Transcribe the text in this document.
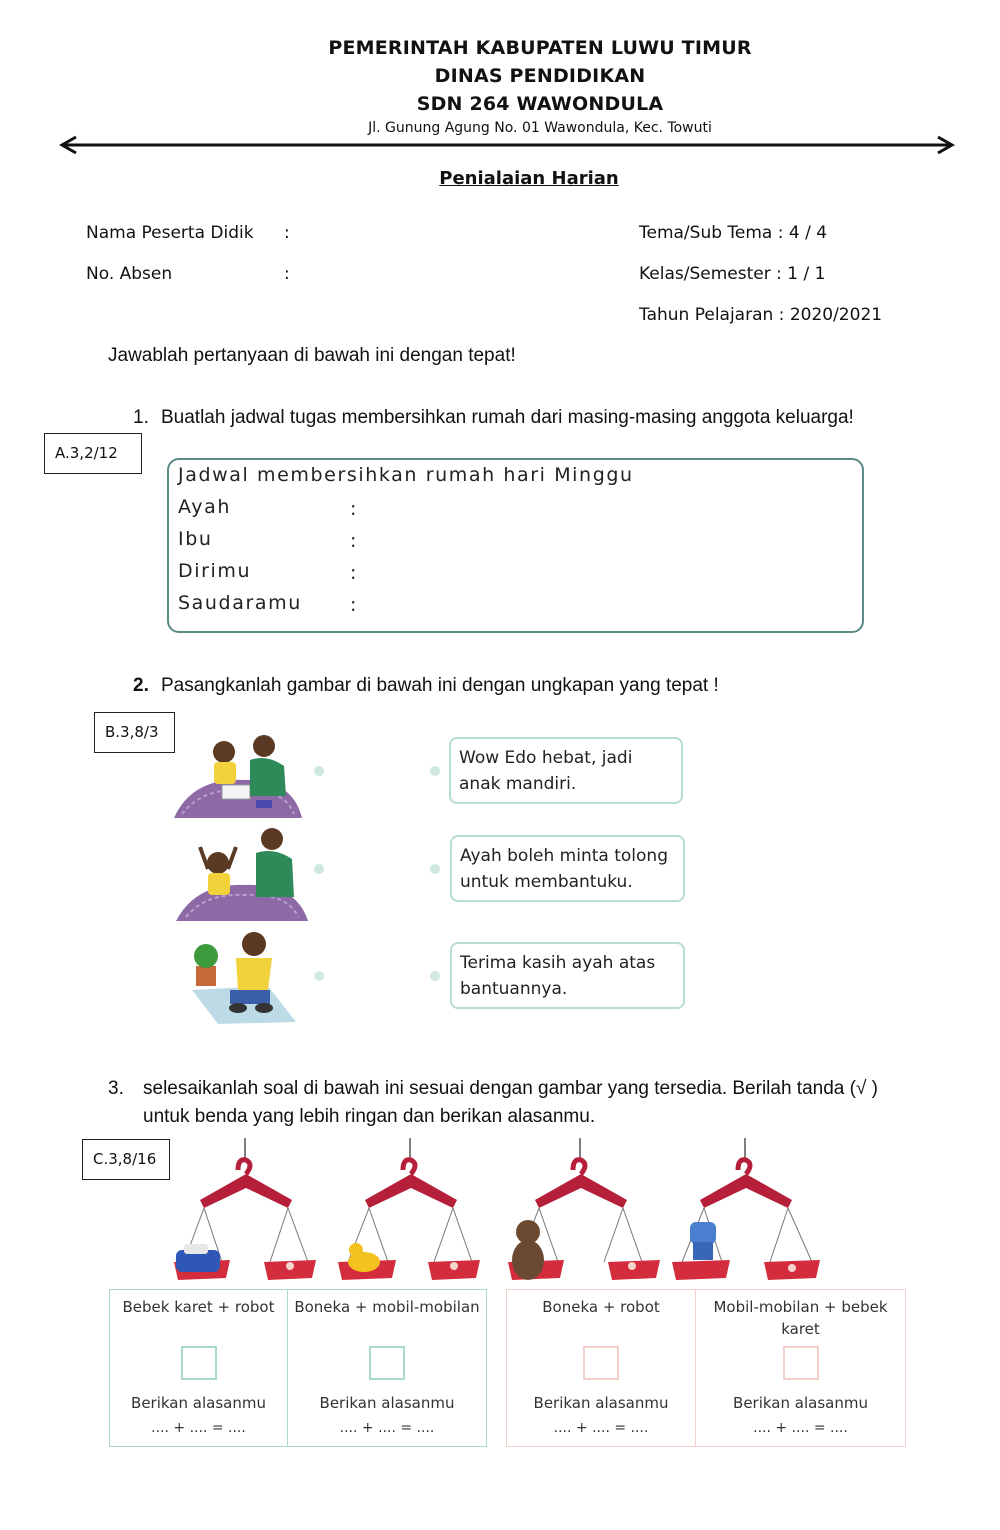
PEMERINTAH KABUPATEN LUWU TIMUR
DINAS PENDIDIKAN
SDN 264 WAWONDULA
Jl. Gunung Agung No. 01 Wawondula, Kec. Towuti
Penialaian Harian
Nama Peserta Didik :
No. Absen	:
Tema/Sub Tema : 4 / 4
Kelas/Semester : 1 / 1
Tahun Pelajaran : 2020/2021
Jawablah pertanyaan di bawah ini dengan tepat!
1. Buatlah jadwal tugas membersihkan rumah dari masing-masing anggota keluarga!
A.3,2/12
Jadwal membersihkan rumah hari Minggu
Ayah	:
Ibu	:
Dirimu	:
Saudaramu	:
2. Pasangkanlah gambar di bawah ini dengan ungkapan yang tepat !
B.3,8/3
Wow Edo hebat, jadi
anak mandiri.
Ayah boleh minta tolong
untuk membantuku.
Terima kasih ayah atas
bantuannya.
3. selesaikanlah soal di bawah ini sesuai dengan gambar yang tersedia. Berilah tanda (√ )
untuk benda yang lebih ringan dan berikan alasanmu.
C.3,8/16
Bebek karet + robot
Berikan alasanmu
.... + .... = ....
Boneka + mobil-mobilan
Berikan alasanmu
.... + .... = ....
Boneka + robot
Berikan alasanmu
.... + .... = ....
Mobil-mobilan + bebek karet
Berikan alasanmu
.... + .... = ....
